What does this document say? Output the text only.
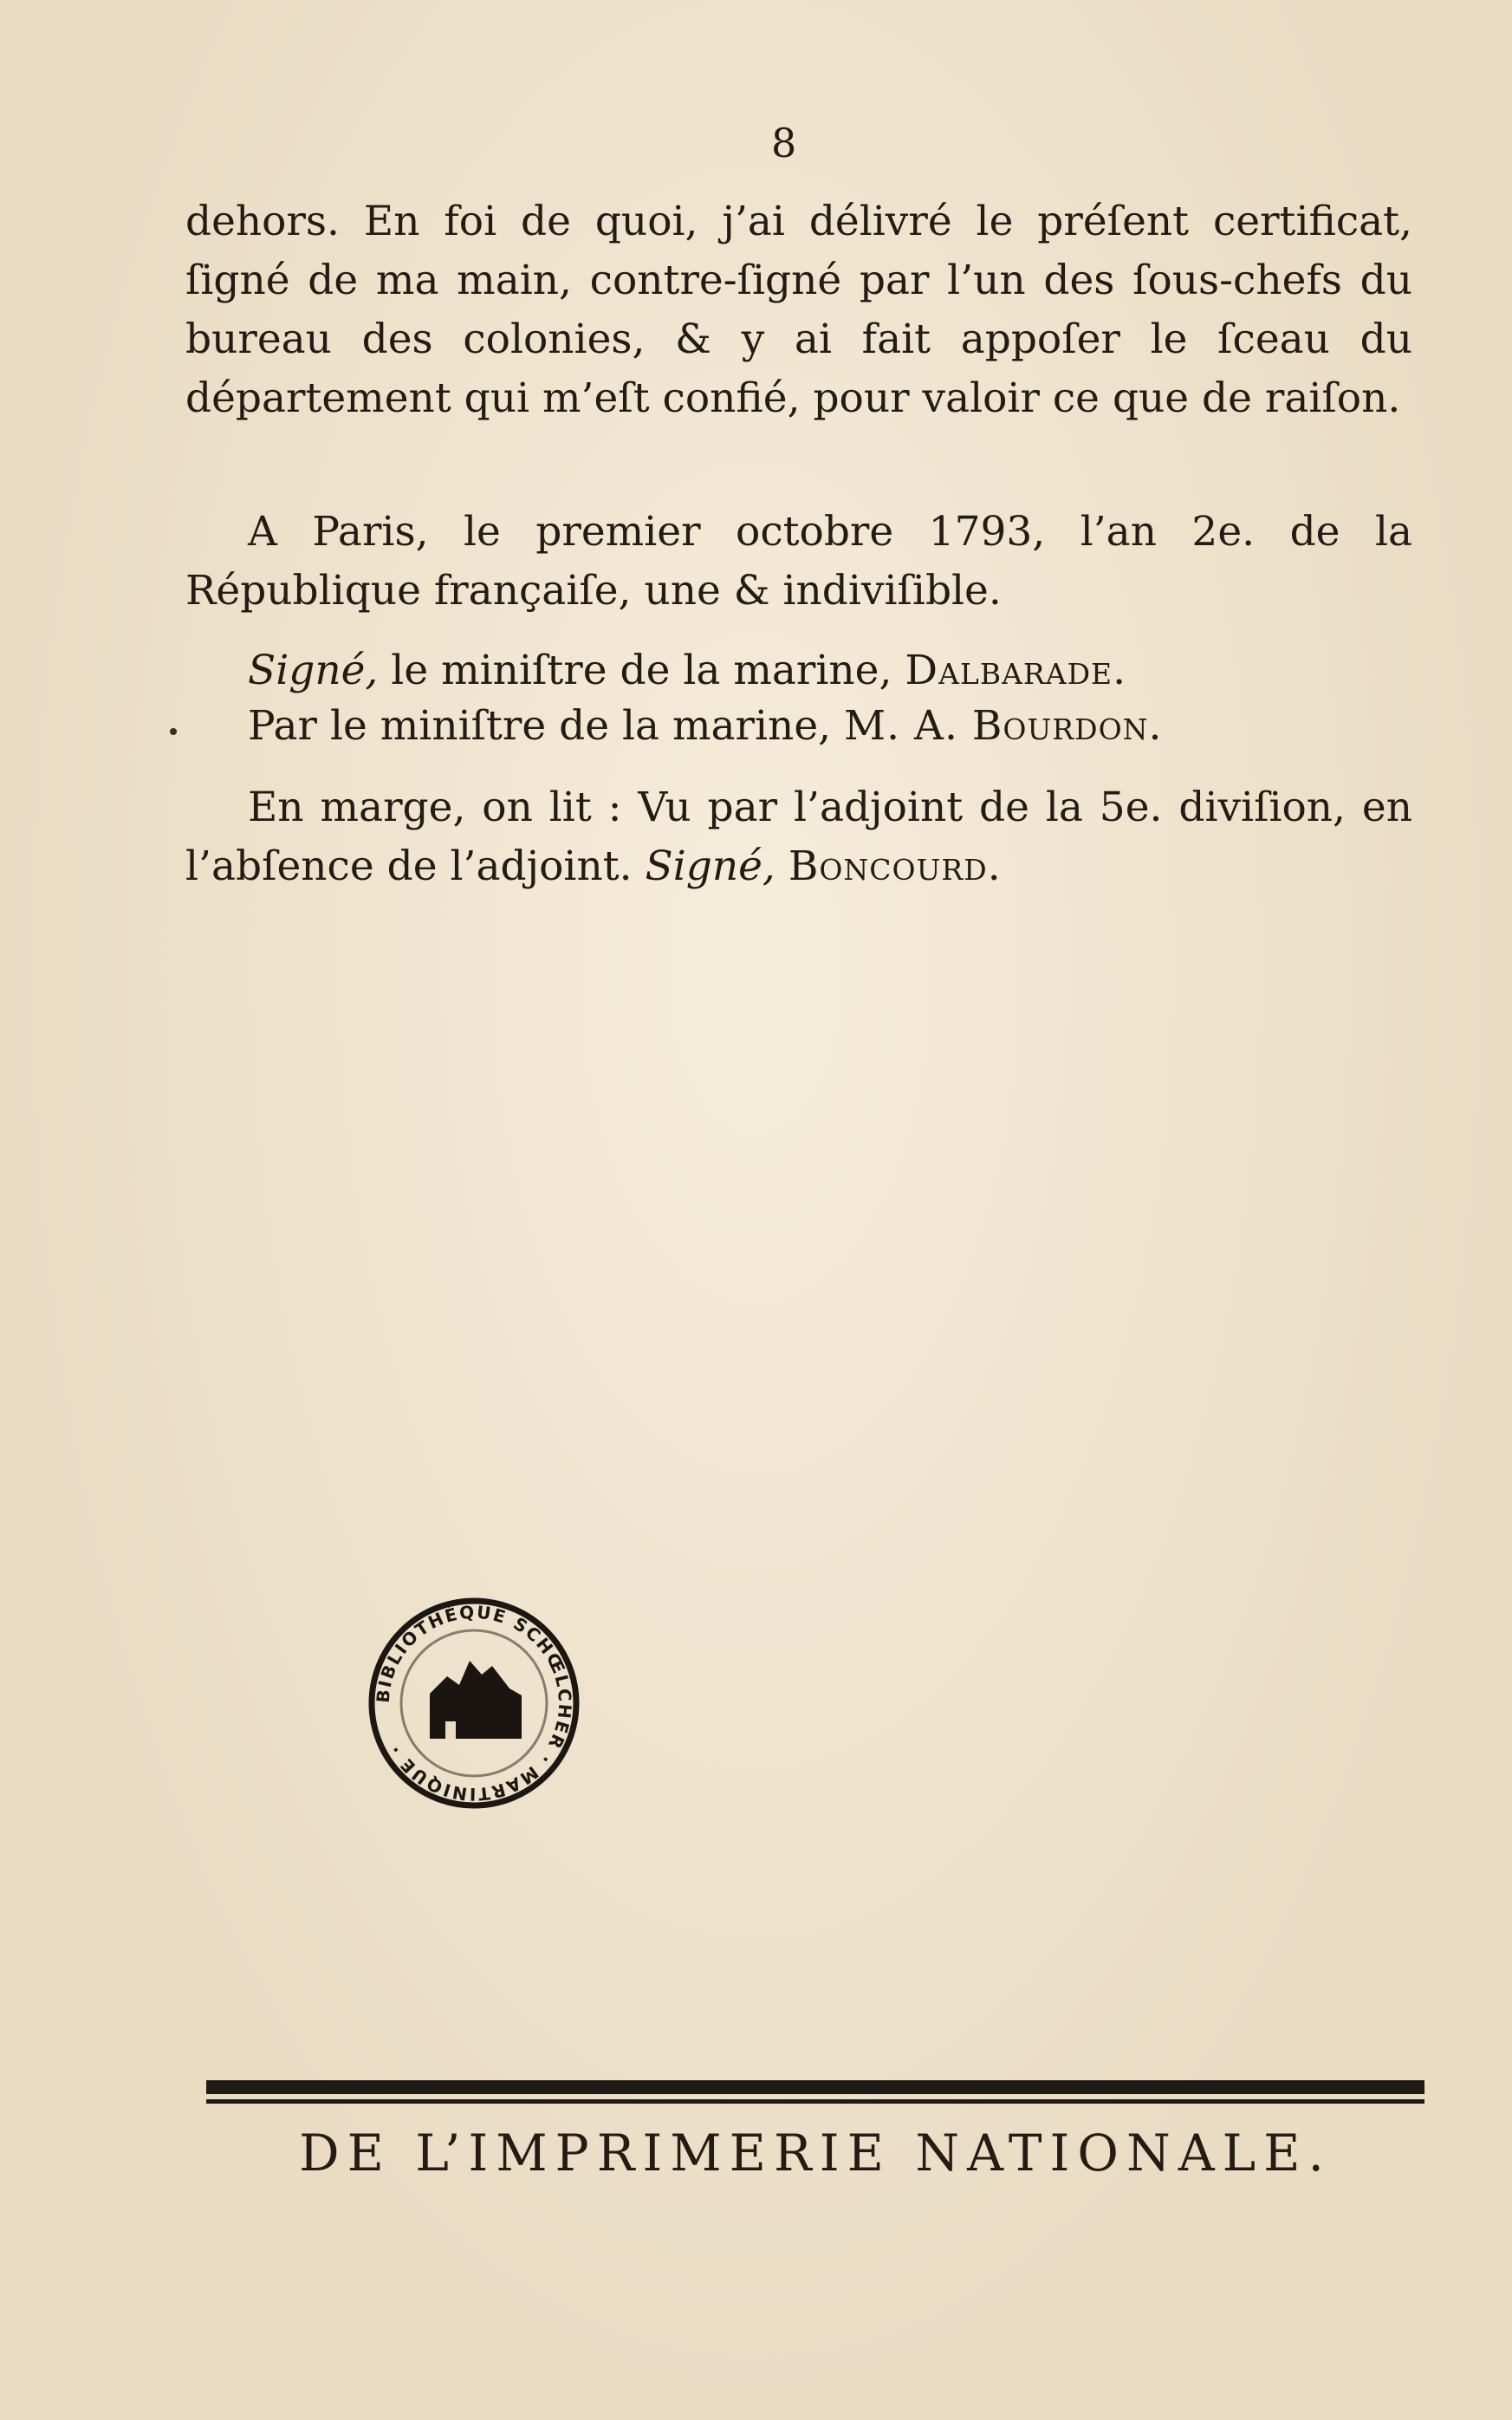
8
dehors. En foi de quoi, j’ai délivré le préſent certificat, ſigné de ma main, contre-ſigné par l’un des ſous-chefs du bureau des colonies, & y ai fait appoſer le ſceau du département qui m’eſt confié, pour valoir ce que de raiſon.
A Paris, le premier octobre 1793, l’an 2e. de la République françaiſe, une & indiviſible.
Signé, le miniſtre de la marine, Dalbarade.
Par le miniſtre de la marine, M. A. Bourdon.
En marge, on lit : Vu par l’adjoint de la 5e. diviſion, en l’abſence de l’adjoint. Signé, Boncourd.
BIBLIOTHÈQUE SCHŒLCHER · MARTINIQUE ·
DE L’IMPRIMERIE NATIONALE.
